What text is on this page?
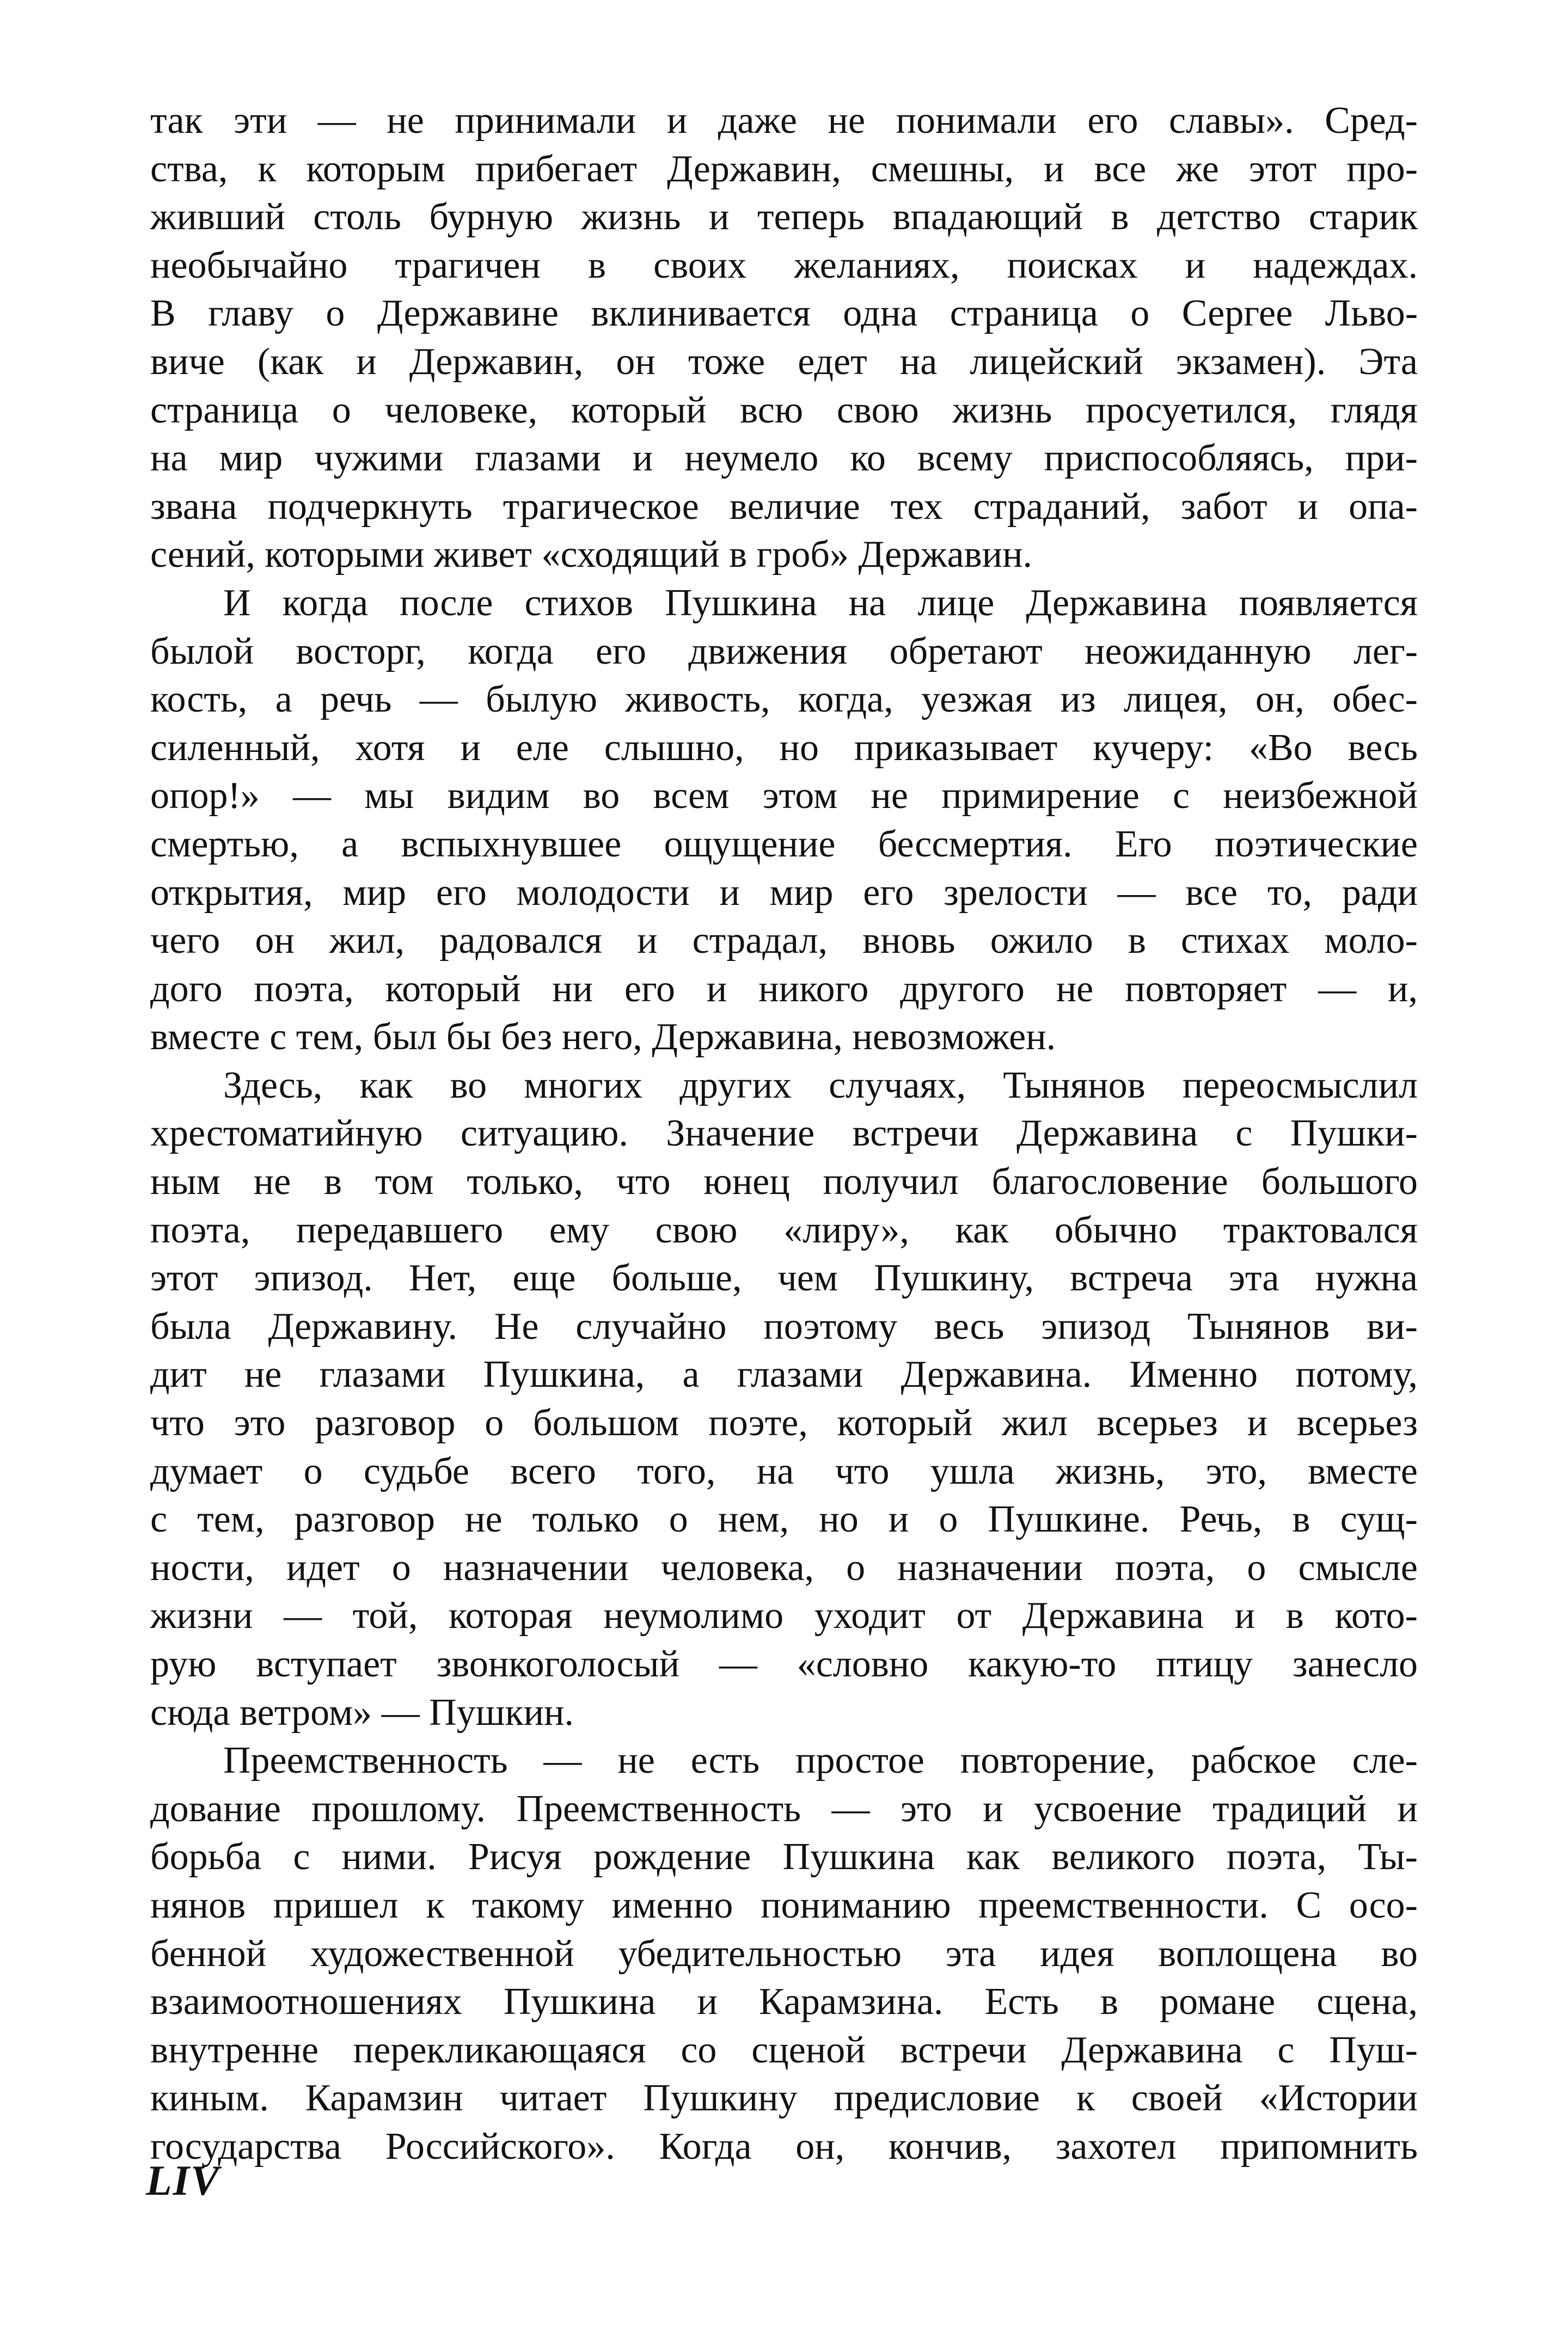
так эти — не принимали и даже не понимали его славы». Сред-
ства, к которым прибегает Державин, смешны, и все же этот про-
живший столь бурную жизнь и теперь впадающий в детство старик
необычайно трагичен в своих желаниях, поисках и надеждах.
В главу о Державине вклинивается одна страница о Сергее Льво-
виче (как и Державин, он тоже едет на лицейский экзамен). Эта
страница о человеке, который всю свою жизнь просуетился, глядя
на мир чужими глазами и неумело ко всему приспособляясь, при-
звана подчеркнуть трагическое величие тех страданий, забот и опа-
сений, которыми живет «сходящий в гроб» Державин.
И когда после стихов Пушкина на лице Державина появляется
былой восторг, когда его движения обретают неожиданную лег-
кость, а речь — былую живость, когда, уезжая из лицея, он, обес-
силенный, хотя и еле слышно, но приказывает кучеру: «Во весь
опор!» — мы видим во всем этом не примирение с неизбежной
смертью, а вспыхнувшее ощущение бессмертия. Его поэтические
открытия, мир его молодости и мир его зрелости — все то, ради
чего он жил, радовался и страдал, вновь ожило в стихах моло-
дого поэта, который ни его и никого другого не повторяет — и,
вместе с тем, был бы без него, Державина, невозможен.
Здесь, как во многих других случаях, Тынянов переосмыслил
хрестоматийную ситуацию. Значение встречи Державина с Пушки-
ным не в том только, что юнец получил благословение большого
поэта, передавшего ему свою «лиру», как обычно трактовался
этот эпизод. Нет, еще больше, чем Пушкину, встреча эта нужна
была Державину. Не случайно поэтому весь эпизод Тынянов ви-
дит не глазами Пушкина, а глазами Державина. Именно потому,
что это разговор о большом поэте, который жил всерьез и всерьез
думает о судьбе всего того, на что ушла жизнь, это, вместе
с тем, разговор не только о нем, но и о Пушкине. Речь, в сущ-
ности, идет о назначении человека, о назначении поэта, о смысле
жизни — той, которая неумолимо уходит от Державина и в кото-
рую вступает звонкоголосый — «словно какую-то птицу занесло
сюда ветром» — Пушкин.
Преемственность — не есть простое повторение, рабское сле-
дование прошлому. Преемственность — это и усвоение традиций и
борьба с ними. Рисуя рождение Пушкина как великого поэта, Ты-
нянов пришел к такому именно пониманию преемственности. С осо-
бенной художественной убедительностью эта идея воплощена во
взаимоотношениях Пушкина и Карамзина. Есть в романе сцена,
внутренне перекликающаяся со сценой встречи Державина с Пуш-
киным. Карамзин читает Пушкину предисловие к своей «Истории
государства Российского». Когда он, кончив, захотел припомнить
LIV
